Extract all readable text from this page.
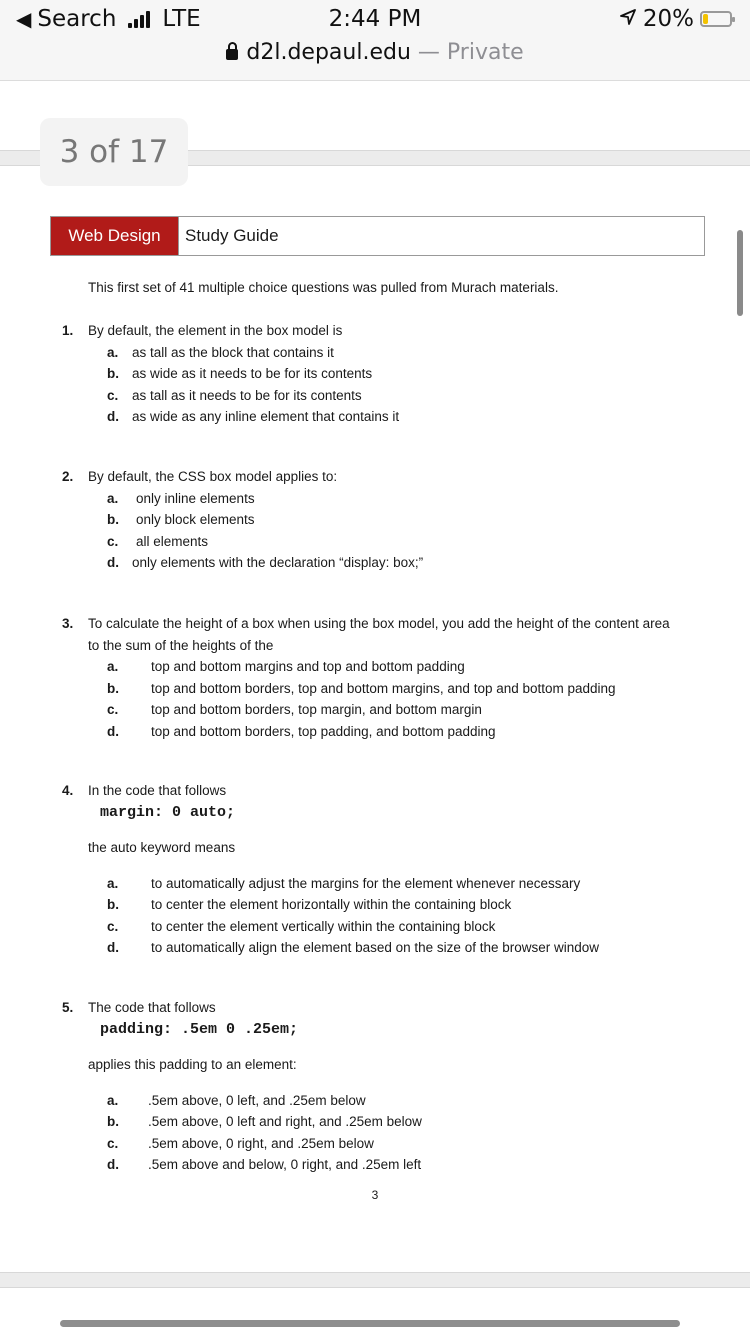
◀ Search LTE	2:44 PM	20%
d2l.depaul.edu — Private
3 of 17
Web Design	Study Guide
This first set of 41 multiple choice questions was pulled from Murach materials.
1. By default, the element in the box model is
a. as tall as the block that contains it
b. as wide as it needs to be for its contents
c. as tall as it needs to be for its contents
d. as wide as any inline element that contains it
2. By default, the CSS box model applies to:
a. only inline elements
b. only block elements
c. all elements
d. only elements with the declaration “display: box;”
3. To calculate the height of a box when using the box model, you add the height of the content area
to the sum of the heights of the
a. top and bottom margins and top and bottom padding
b. top and bottom borders, top and bottom margins, and top and bottom padding
c. top and bottom borders, top margin, and bottom margin
d. top and bottom borders, top padding, and bottom padding
4. In the code that follows
margin: 0 auto;
the auto keyword means
a. to automatically adjust the margins for the element whenever necessary
b. to center the element horizontally within the containing block
c. to center the element vertically within the containing block
d. to automatically align the element based on the size of the browser window
5. The code that follows
padding: .5em 0 .25em;
applies this padding to an element:
a. .5em above, 0 left, and .25em below
b. .5em above, 0 left and right, and .25em below
c. .5em above, 0 right, and .25em below
d. .5em above and below, 0 right, and .25em left
3
